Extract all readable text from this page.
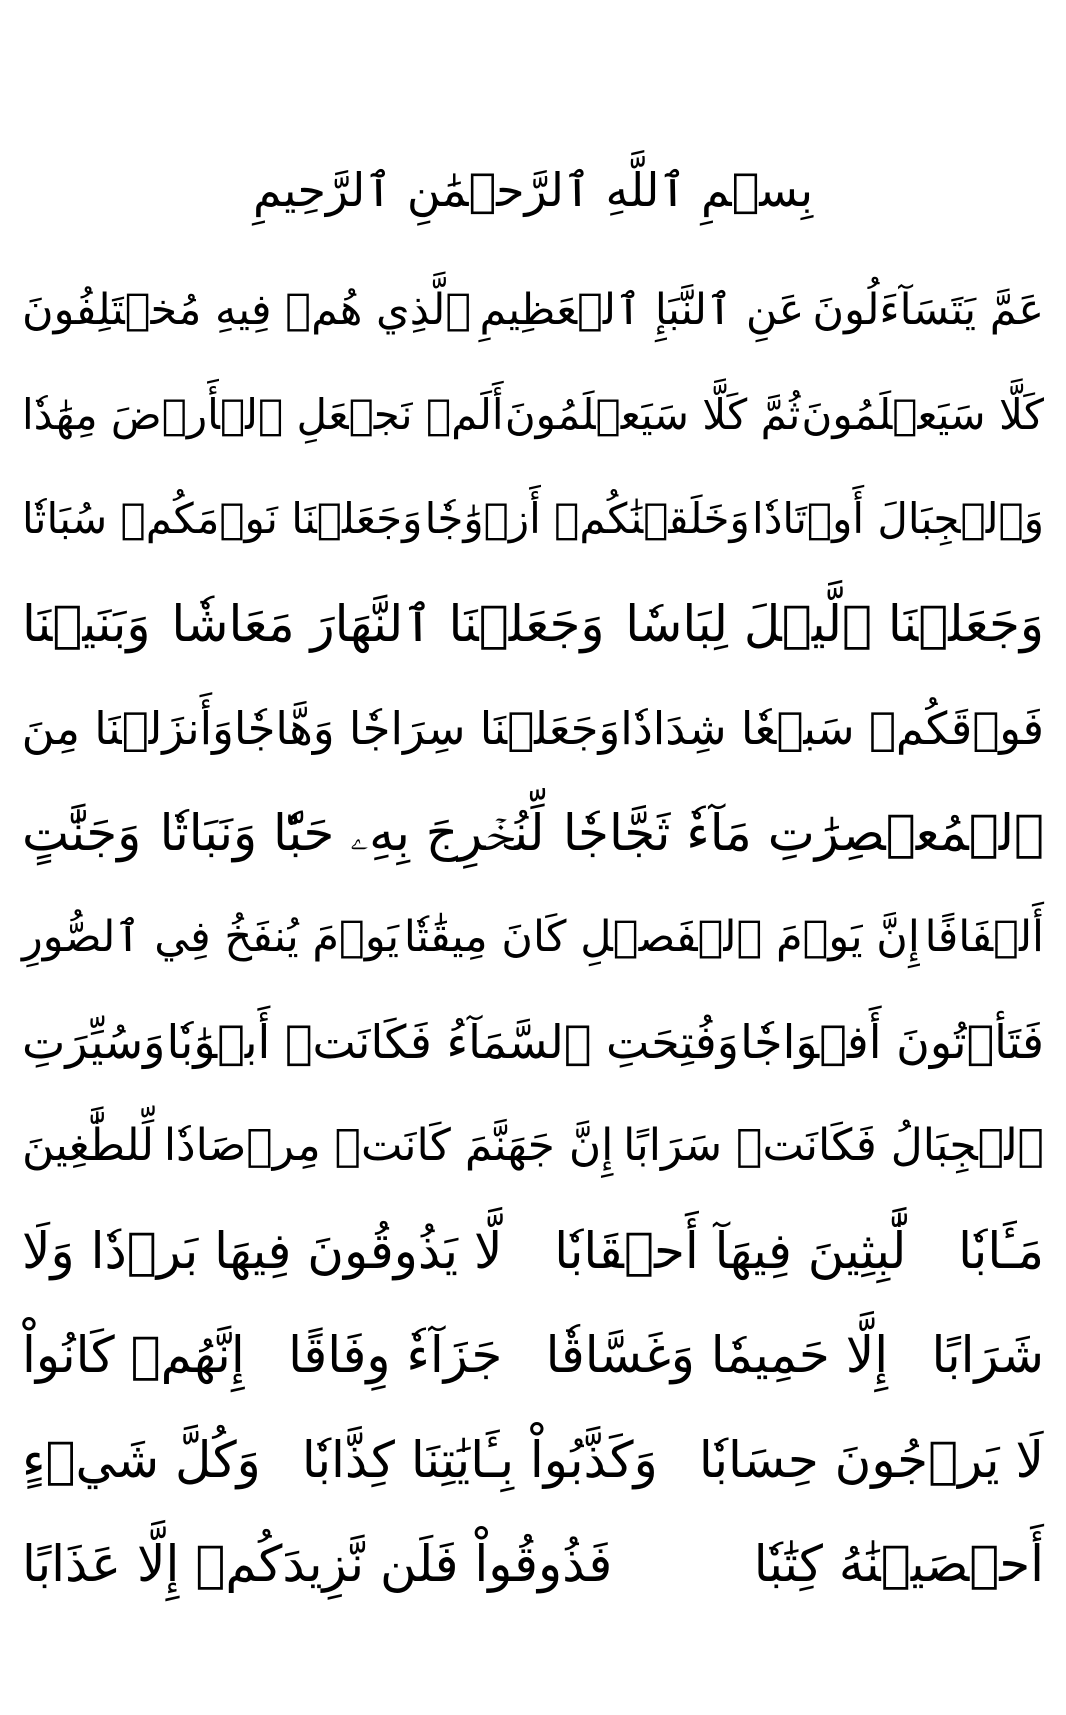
بِسۡمِ ٱللَّهِ ٱلرَّحۡمَٰنِ ٱلرَّحِيمِ
عَمَّ يَتَسَآءَلُونَ
عَنِ ٱلنَّبَإِ ٱلۡعَظِيمِ
ٱلَّذِي هُمۡ فِيهِ مُخۡتَلِفُونَ
كَلَّا سَيَعۡلَمُونَ
ثُمَّ كَلَّا سَيَعۡلَمُونَ
أَلَمۡ نَجۡعَلِ ٱلۡأَرۡضَ مِهَٰدٗا
وَٱلۡجِبَالَ أَوۡتَادٗا
وَخَلَقۡنَٰكُمۡ أَزۡوَٰجٗا
وَجَعَلۡنَا نَوۡمَكُمۡ سُبَاتٗا
وَجَعَلۡنَا ٱلَّيۡلَ لِبَاسٗا
وَجَعَلۡنَا ٱلنَّهَارَ مَعَاشٗا
وَبَنَيۡنَا
فَوۡقَكُمۡ سَبۡعٗا شِدَادٗا
وَجَعَلۡنَا سِرَاجٗا وَهَّاجٗا
وَأَنزَلۡنَا مِنَ
ٱلۡمُعۡصِرَٰتِ مَآءٗ ثَجَّاجٗا
لِّنُخۡرِجَ بِهِۦ حَبّٗا وَنَبَاتٗا
وَجَنَّٰتٍ
أَلۡفَافًا
إِنَّ يَوۡمَ ٱلۡفَصۡلِ كَانَ مِيقَٰتٗا
يَوۡمَ يُنفَخُ فِي ٱلصُّورِ
فَتَأۡتُونَ أَفۡوَاجٗا
وَفُتِحَتِ ٱلسَّمَآءُ فَكَانَتۡ أَبۡوَٰبٗا
وَسُيِّرَتِ
ٱلۡجِبَالُ فَكَانَتۡ سَرَابًا
إِنَّ جَهَنَّمَ كَانَتۡ مِرۡصَادٗا
لِّلطَّٰغِينَ
مَـَٔابٗا
لَّٰبِثِينَ فِيهَآ أَحۡقَابٗا
لَّا يَذُوقُونَ فِيهَا بَرۡدٗا وَلَا
شَرَابًا
إِلَّا حَمِيمٗا وَغَسَّاقٗا
جَزَآءٗ وِفَاقًا
إِنَّهُمۡ كَانُواْ
لَا يَرۡجُونَ حِسَابٗا
وَكَذَّبُواْ بِـَٔايَٰتِنَا كِذَّابٗا
وَكُلَّ شَيۡءٍ
أَحۡصَيۡنَٰهُ كِتَٰبٗا
فَذُوقُواْ فَلَن نَّزِيدَكُمۡ إِلَّا عَذَابًا
